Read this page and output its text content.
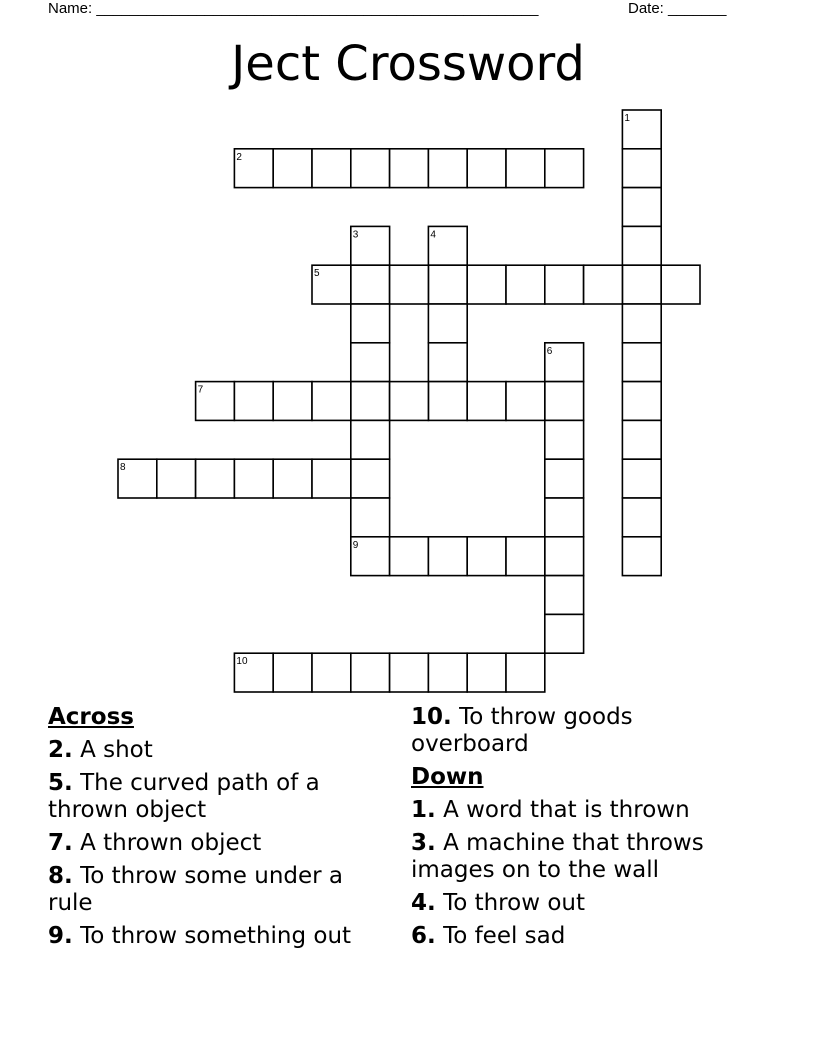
Name: _____________________________________________________	Date: _______
Ject Crossword
1
2
3	4
5
6
7
8
9
10
Across
2. A shot
5. The curved path of a thrown object
7. A thrown object
8. To throw some under a rule
9. To throw something out
10. To throw goods overboard
Down
1. A word that is thrown
3. A machine that throws images on to the wall
4. To throw out
6. To feel sad
